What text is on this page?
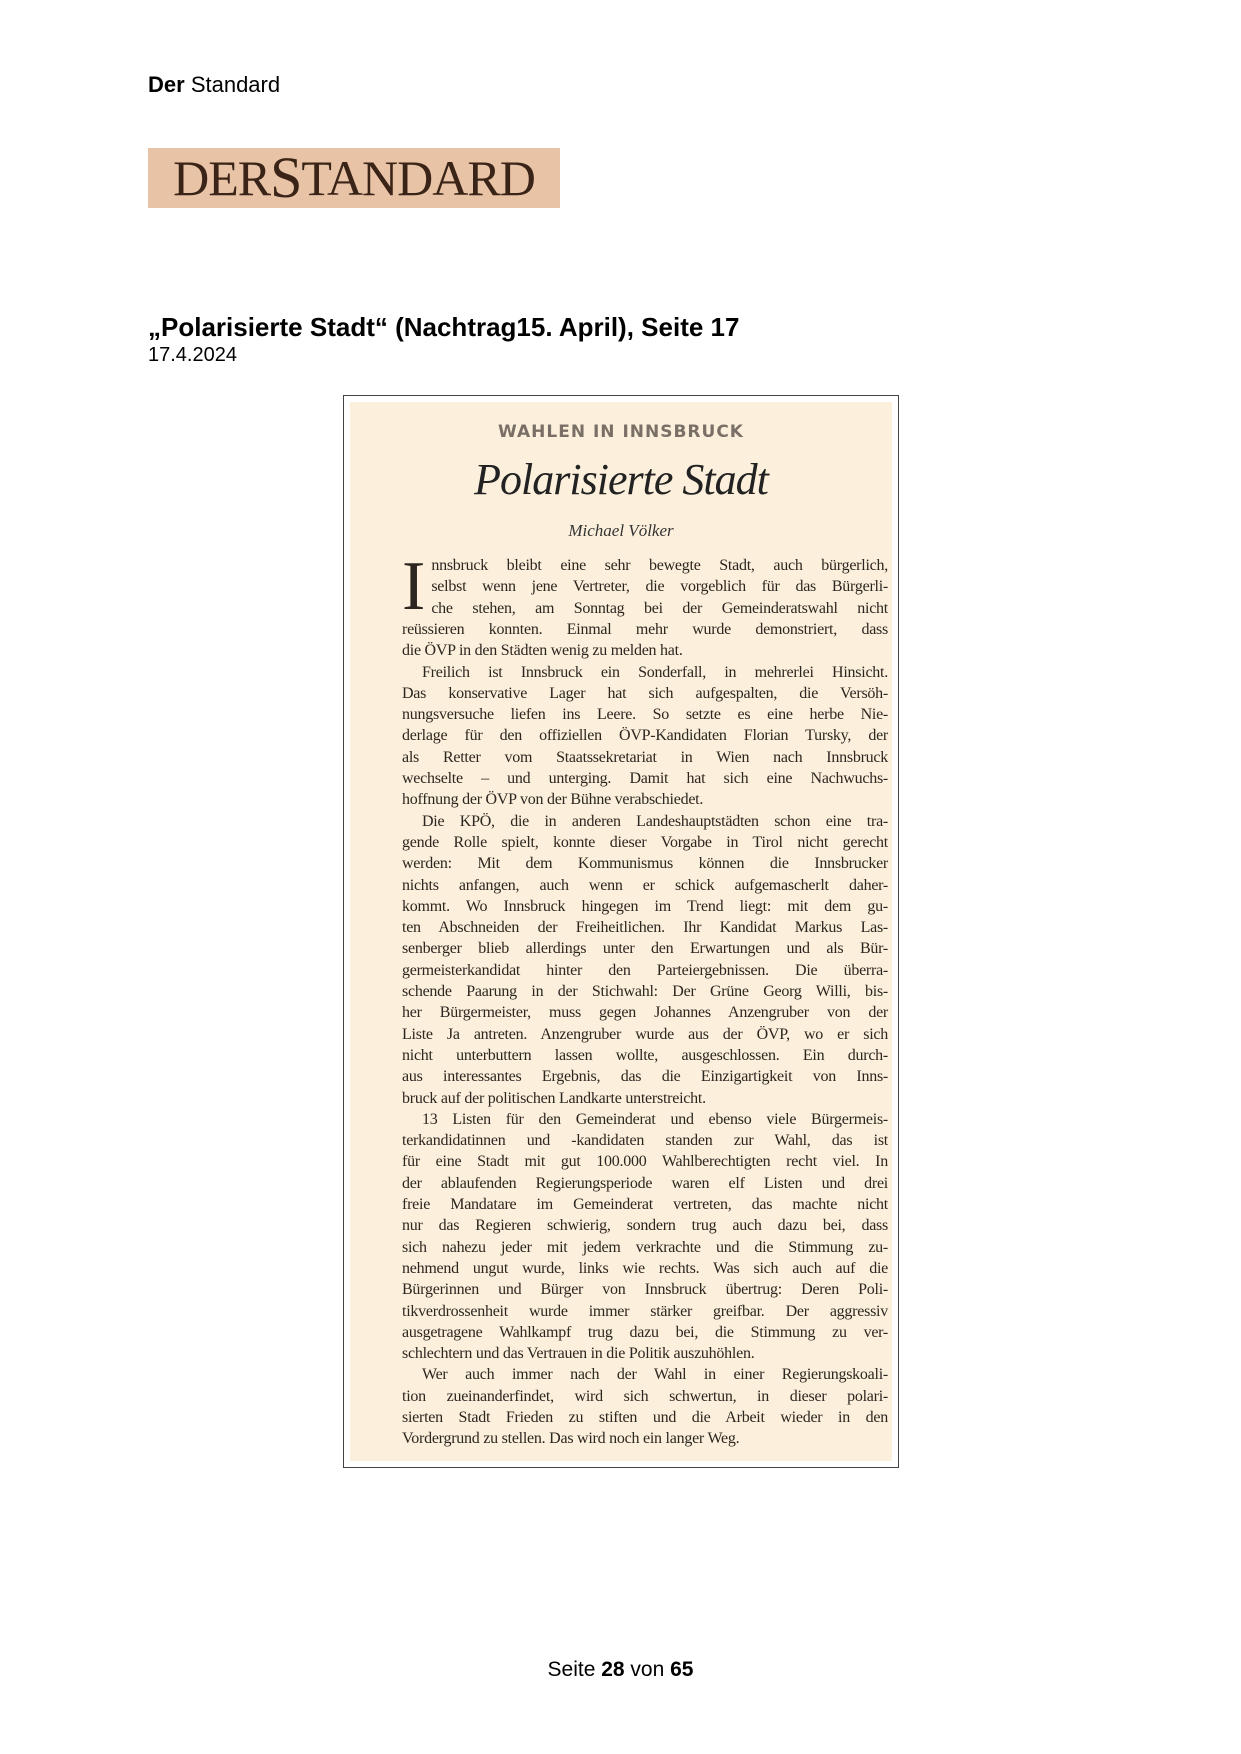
Der Standard
DER S TANDARD
„Polarisierte Stadt“ (Nachtrag15. April), Seite 17
17.4.2024
WAHLEN IN INNSBRUCK
Polarisierte Stadt
Michael Völker
I nnsbruck bleibt eine sehr bewegte Stadt, auch bürgerlich,
selbst wenn jene Vertreter, die vorgeblich für das Bürgerli-
che stehen, am Sonntag bei der Gemeinderatswahl nicht
reüssieren konnten. Einmal mehr wurde demonstriert, dass
die ÖVP in den Städten wenig zu melden hat.
Freilich ist Innsbruck ein Sonderfall, in mehrerlei Hinsicht.
Das konservative Lager hat sich aufgespalten, die Versöh-
nungsversuche liefen ins Leere. So setzte es eine herbe Nie-
derlage für den offiziellen ÖVP-Kandidaten Florian Tursky, der
als Retter vom Staatssekretariat in Wien nach Innsbruck
wechselte – und unterging. Damit hat sich eine Nachwuchs-
hoffnung der ÖVP von der Bühne verabschiedet.
Die KPÖ, die in anderen Landeshauptstädten schon eine tra-
gende Rolle spielt, konnte dieser Vorgabe in Tirol nicht gerecht
werden: Mit dem Kommunismus können die Innsbrucker
nichts anfangen, auch wenn er schick aufgemascherlt daher-
kommt. Wo Innsbruck hingegen im Trend liegt: mit dem gu-
ten Abschneiden der Freiheitlichen. Ihr Kandidat Markus Las-
senberger blieb allerdings unter den Erwartungen und als Bür-
germeisterkandidat hinter den Parteiergebnissen. Die überra-
schende Paarung in der Stichwahl: Der Grüne Georg Willi, bis-
her Bürgermeister, muss gegen Johannes Anzengruber von der
Liste Ja antreten. Anzengruber wurde aus der ÖVP, wo er sich
nicht unterbuttern lassen wollte, ausgeschlossen. Ein durch-
aus interessantes Ergebnis, das die Einzigartigkeit von Inns-
bruck auf der politischen Landkarte unterstreicht.
13 Listen für den Gemeinderat und ebenso viele Bürgermeis-
terkandidatinnen und -kandidaten standen zur Wahl, das ist
für eine Stadt mit gut 100.000 Wahlberechtigten recht viel. In
der ablaufenden Regierungsperiode waren elf Listen und drei
freie Mandatare im Gemeinderat vertreten, das machte nicht
nur das Regieren schwierig, sondern trug auch dazu bei, dass
sich nahezu jeder mit jedem verkrachte und die Stimmung zu-
nehmend ungut wurde, links wie rechts. Was sich auch auf die
Bürgerinnen und Bürger von Innsbruck übertrug: Deren Poli-
tikverdrossenheit wurde immer stärker greifbar. Der aggressiv
ausgetragene Wahlkampf trug dazu bei, die Stimmung zu ver-
schlechtern und das Vertrauen in die Politik auszuhöhlen.
Wer auch immer nach der Wahl in einer Regierungskoali-
tion zueinanderfindet, wird sich schwertun, in dieser polari-
sierten Stadt Frieden zu stiften und die Arbeit wieder in den
Vordergrund zu stellen. Das wird noch ein langer Weg.
Seite 28 von 65
